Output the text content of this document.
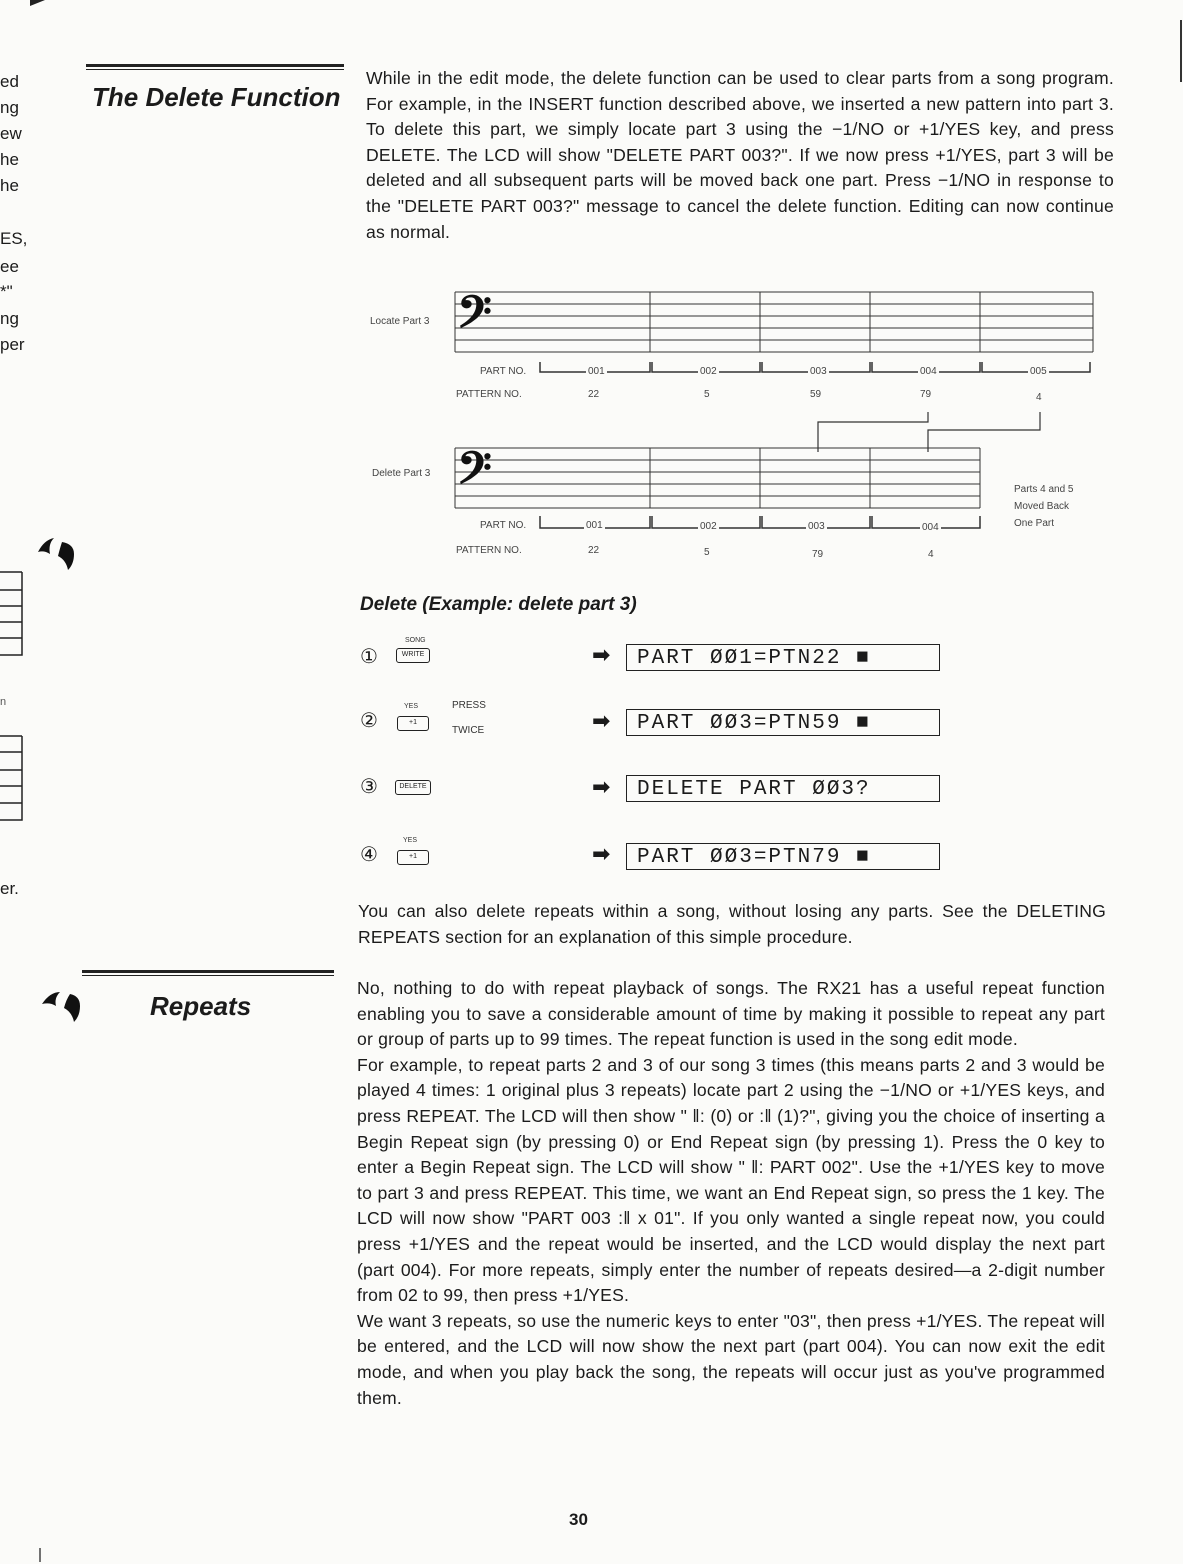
ed
ng
ew
he
he
ES,
ee
*"
ng
per
n
er.
The Delete Function
While in the edit mode, the delete function can be used to clear parts from a song program. For example, in the INSERT function described above, we inserted a new pattern into part 3. To delete this part, we simply locate part 3 using the −1/NO or +1/YES key, and press DELETE. The LCD will show "DELETE PART 003?". If we now press +1/YES, part 3 will be deleted and all subsequent parts will be moved back one part. Press −1/NO in response to the "DELETE PART 003?" message to cancel the delete function. Editing can now continue as normal.
Locate Part 3
Delete Part 3
𝄢
𝄢
PART NO.	001	002	003	004	005
PATTERN NO.	22	5	59	79	4
PART NO.	001	002	003	004
PATTERN NO.	22	5	79	4
Parts 4 and 5
Moved Back
One Part
Delete (Example: delete part 3)
①
SONG
WRITE	➡	PART ØØ1=PTN22 ■
②
YES
+1
PRESS
TWICE	➡	PART ØØ3=PTN59 ■
③	DELETE	➡	DELETE PART ØØ3?
④
YES
+1	➡	PART ØØ3=PTN79 ■
You can also delete repeats within a song, without losing any parts. See the DELETING REPEATS section for an explanation of this simple procedure.
Repeats

No, nothing to do with repeat playback of songs. The RX21 has a useful repeat function enabling you to save a considerable amount of time by making it possible to repeat any part or group of parts up to 99 times. The repeat function is used in the song edit mode.

For example, to repeat parts 2 and 3 of our song 3 times (this means parts 2 and 3 would be played 4 times: 1 original plus 3 repeats) locate part 2 using the −1/NO or +1/YES keys, and press REPEAT. The LCD will then show " ‖: (0) or :‖ (1)?", giving you the choice of inserting a Begin Repeat sign (by pressing 0) or End Repeat sign (by pressing 1). Press the 0 key to enter a Begin Repeat sign. The LCD will show " ‖: PART 002". Use the +1/YES key to move to part 3 and press REPEAT. This time, we want an End Repeat sign, so press the 1 key. The LCD will now show "PART 003 :‖ x 01". If you only wanted a single repeat now, you could press +1/YES and the repeat would be inserted, and the LCD would display the next part (part 004). For more repeats, simply enter the number of repeats desired—a 2-digit number from 02 to 99, then press +1/YES.

We want 3 repeats, so use the numeric keys to enter "03", then press +1/YES. The repeat will be entered, and the LCD will now show the next part (part 004). You can now exit the edit mode, and when you play back the song, the repeats will occur just as you've programmed them.

30
